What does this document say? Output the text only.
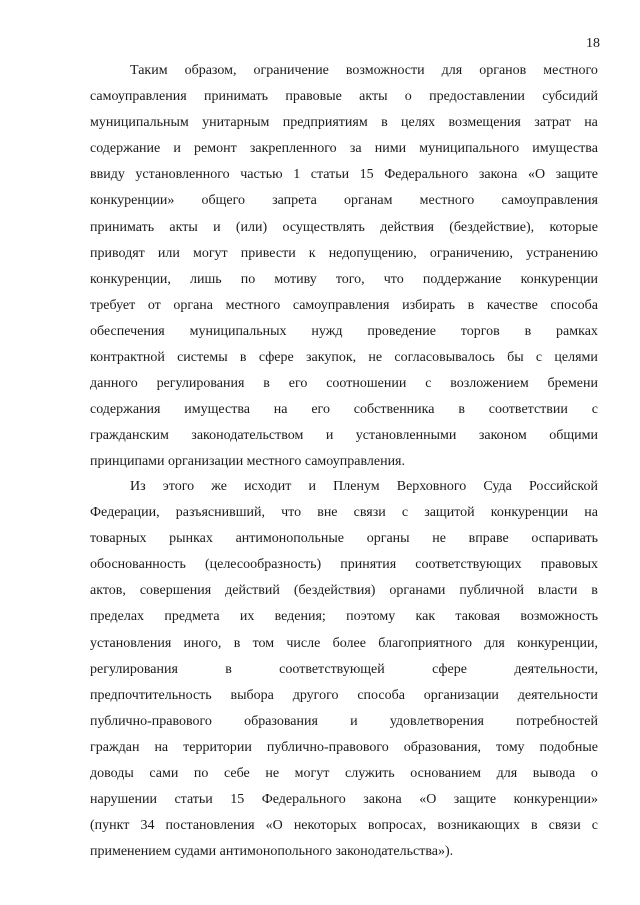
18
Таким образом, ограничение возможности для органов местного
самоуправления принимать правовые акты о предоставлении субсидий
муниципальным унитарным предприятиям в целях возмещения затрат на
содержание и ремонт закрепленного за ними муниципального имущества
ввиду установленного частью 1 статьи 15 Федерального закона «О защите
конкуренции» общего запрета органам местного самоуправления
принимать акты и (или) осуществлять действия (бездействие), которые
приводят или могут привести к недопущению, ограничению, устранению
конкуренции, лишь по мотиву того, что поддержание конкуренции
требует от органа местного самоуправления избирать в качестве способа
обеспечения муниципальных нужд проведение торгов в рамках
контрактной системы в сфере закупок, не согласовывалось бы с целями
данного регулирования в его соотношении с возложением бремени
содержания имущества на его собственника в соответствии с
гражданским законодательством и установленными законом общими
принципами организации местного самоуправления.
Из этого же исходит и Пленум Верховного Суда Российской
Федерации, разъяснивший, что вне связи с защитой конкуренции на
товарных рынках антимонопольные органы не вправе оспаривать
обоснованность (целесообразность) принятия соответствующих правовых
актов, совершения действий (бездействия) органами публичной власти в
пределах предмета их ведения; поэтому как таковая возможность
установления иного, в том числе более благоприятного для конкуренции,
регулирования	в	соответствующей	сфере	деятельности,
предпочтительность выбора другого способа организации деятельности
публично-правового образования и удовлетворения потребностей
граждан на территории публично-правового образования, тому подобные
доводы сами по себе не могут служить основанием для вывода о
нарушении статьи 15 Федерального закона «О защите конкуренции»
(пункт 34 постановления «О некоторых вопросах, возникающих в связи с
применением судами антимонопольного законодательства»).
